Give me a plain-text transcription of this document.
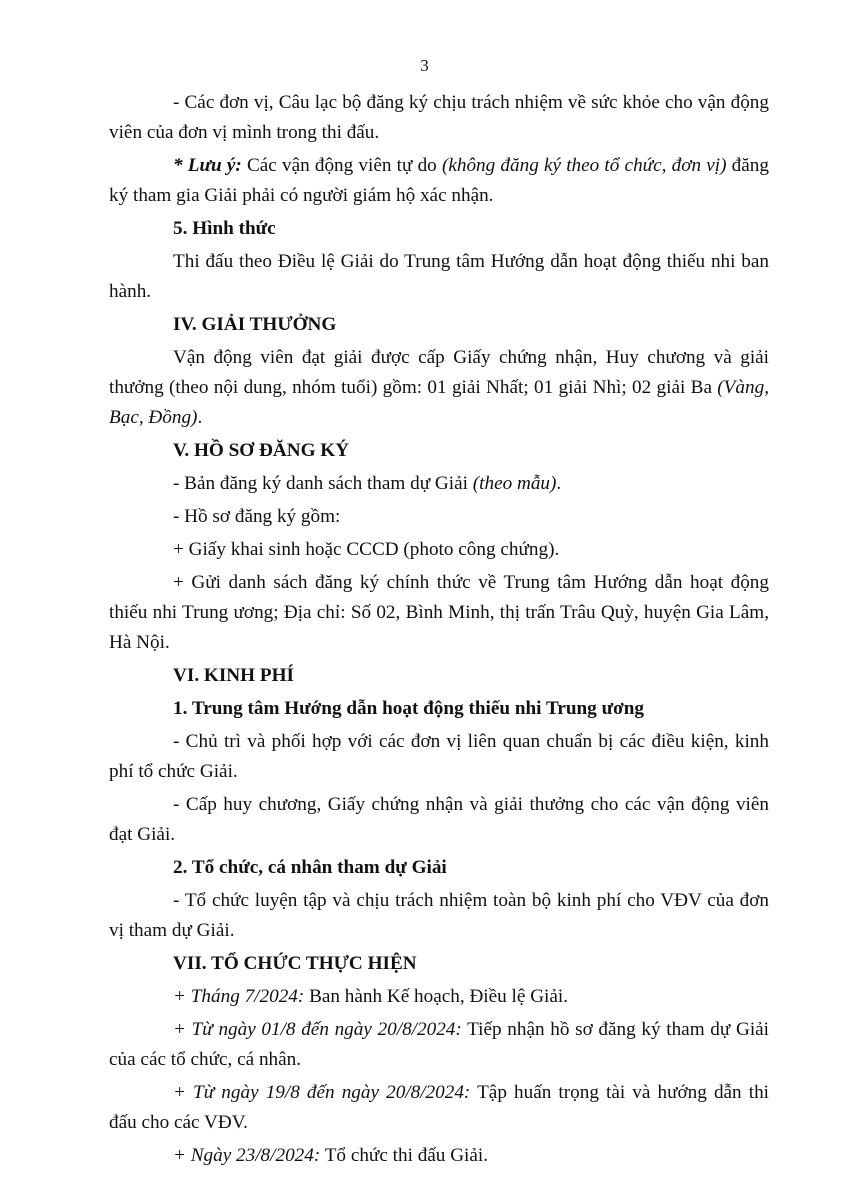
3

- Các đơn vị, Câu lạc bộ đăng ký chịu trách nhiệm về sức khỏe cho vận động viên của đơn vị mình trong thi đấu.

* Lưu ý: Các vận động viên tự do (không đăng ký theo tổ chức, đơn vị) đăng ký tham gia Giải phải có người giám hộ xác nhận.

5. Hình thức

Thi đấu theo Điều lệ Giải do Trung tâm Hướng dẫn hoạt động thiếu nhi ban hành.

IV. GIẢI THƯỞNG

Vận động viên đạt giải được cấp Giấy chứng nhận, Huy chương và giải thưởng (theo nội dung, nhóm tuổi) gồm: 01 giải Nhất; 01 giải Nhì; 02 giải Ba (Vàng, Bạc, Đồng).

V. HỒ SƠ ĐĂNG KÝ

- Bản đăng ký danh sách tham dự Giải (theo mẫu).

- Hồ sơ đăng ký gồm:

+ Giấy khai sinh hoặc CCCD (photo công chứng).

+ Gửi danh sách đăng ký chính thức về Trung tâm Hướng dẫn hoạt động thiếu nhi Trung ương; Địa chỉ: Số 02, Bình Minh, thị trấn Trâu Quỳ, huyện Gia Lâm, Hà Nội.

VI. KINH PHÍ

1. Trung tâm Hướng dẫn hoạt động thiếu nhi Trung ương

- Chủ trì và phối hợp với các đơn vị liên quan chuẩn bị các điều kiện, kinh phí tổ chức Giải.

- Cấp huy chương, Giấy chứng nhận và giải thưởng cho các vận động viên đạt Giải.

2. Tổ chức, cá nhân tham dự Giải

- Tổ chức luyện tập và chịu trách nhiệm toàn bộ kinh phí cho VĐV của đơn vị tham dự Giải.

VII. TỔ CHỨC THỰC HIỆN

+ Tháng 7/2024: Ban hành Kế hoạch, Điều lệ Giải.

+ Từ ngày 01/8 đến ngày 20/8/2024: Tiếp nhận hồ sơ đăng ký tham dự Giải của các tổ chức, cá nhân.

+ Từ ngày 19/8 đến ngày 20/8/2024: Tập huấn trọng tài và hướng dẫn thi đấu cho các VĐV.

+ Ngày 23/8/2024: Tổ chức thi đấu Giải.
